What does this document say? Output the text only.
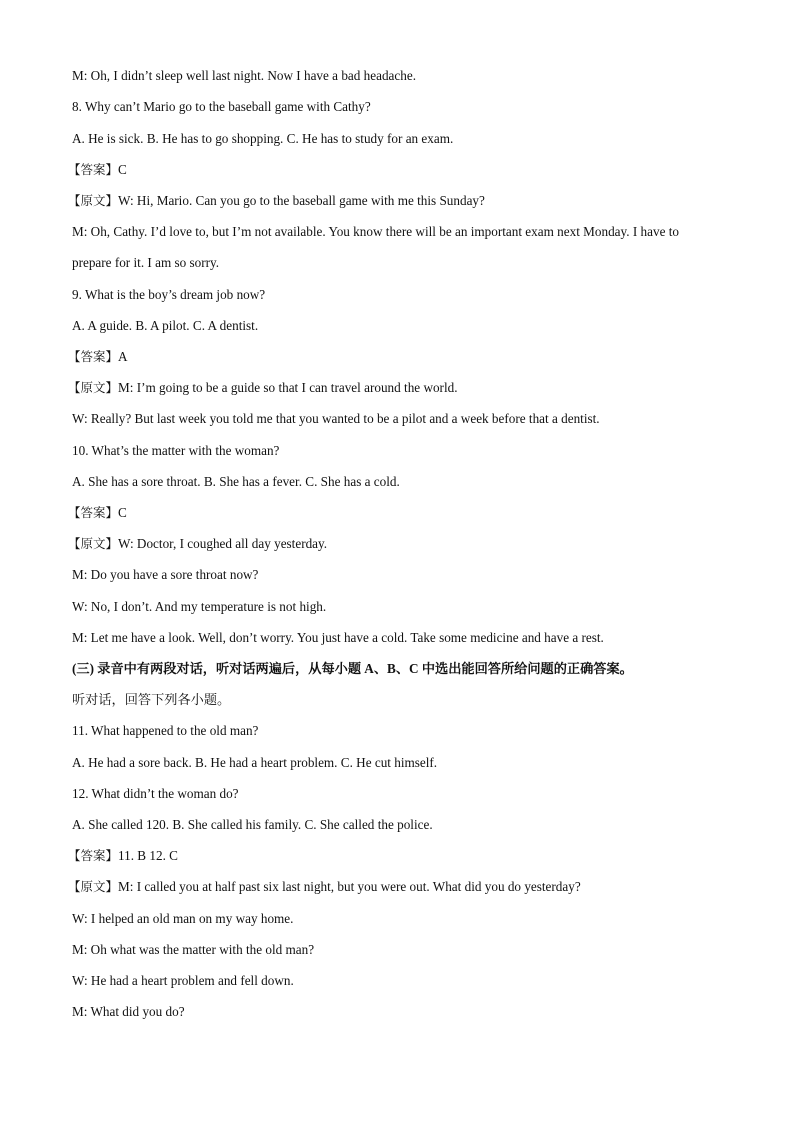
M: Oh, I didn’t sleep well last night. Now I have a bad headache.
8. Why can’t Mario go to the baseball game with Cathy?
A. He is sick. B. He has to go shopping. C. He has to study for an exam.
【答案】C
【原文】W: Hi, Mario. Can you go to the baseball game with me this Sunday?
M: Oh, Cathy. I’d love to, but I’m not available. You know there will be an important exam next Monday. I have to
prepare for it. I am so sorry.
9. What is the boy’s dream job now?
A. A guide. B. A pilot. C. A dentist.
【答案】A
【原文】M: I’m going to be a guide so that I can travel around the world.
W: Really? But last week you told me that you wanted to be a pilot and a week before that a dentist.
10. What’s the matter with the woman?
A. She has a sore throat. B. She has a fever. C. She has a cold.
【答案】C
【原文】W: Doctor, I coughed all day yesterday.
M: Do you have a sore throat now?
W: No, I don’t. And my temperature is not high.
M: Let me have a look. Well, don’t worry. You just have a cold. Take some medicine and have a rest.
(三) 录音中有两段对话，听对话两遍后，从每小题 A、B、C 中选出能回答所给问题的正确答案。
听对话，回答下列各小题。
11. What happened to the old man?
A. He had a sore back. B. He had a heart problem. C. He cut himself.
12. What didn’t the woman do?
A. She called 120. B. She called his family. C. She called the police.
【答案】11. B 12. C
【原文】M: I called you at half past six last night, but you were out. What did you do yesterday?
W: I helped an old man on my way home.
M: Oh what was the matter with the old man?
W: He had a heart problem and fell down.
M: What did you do?
